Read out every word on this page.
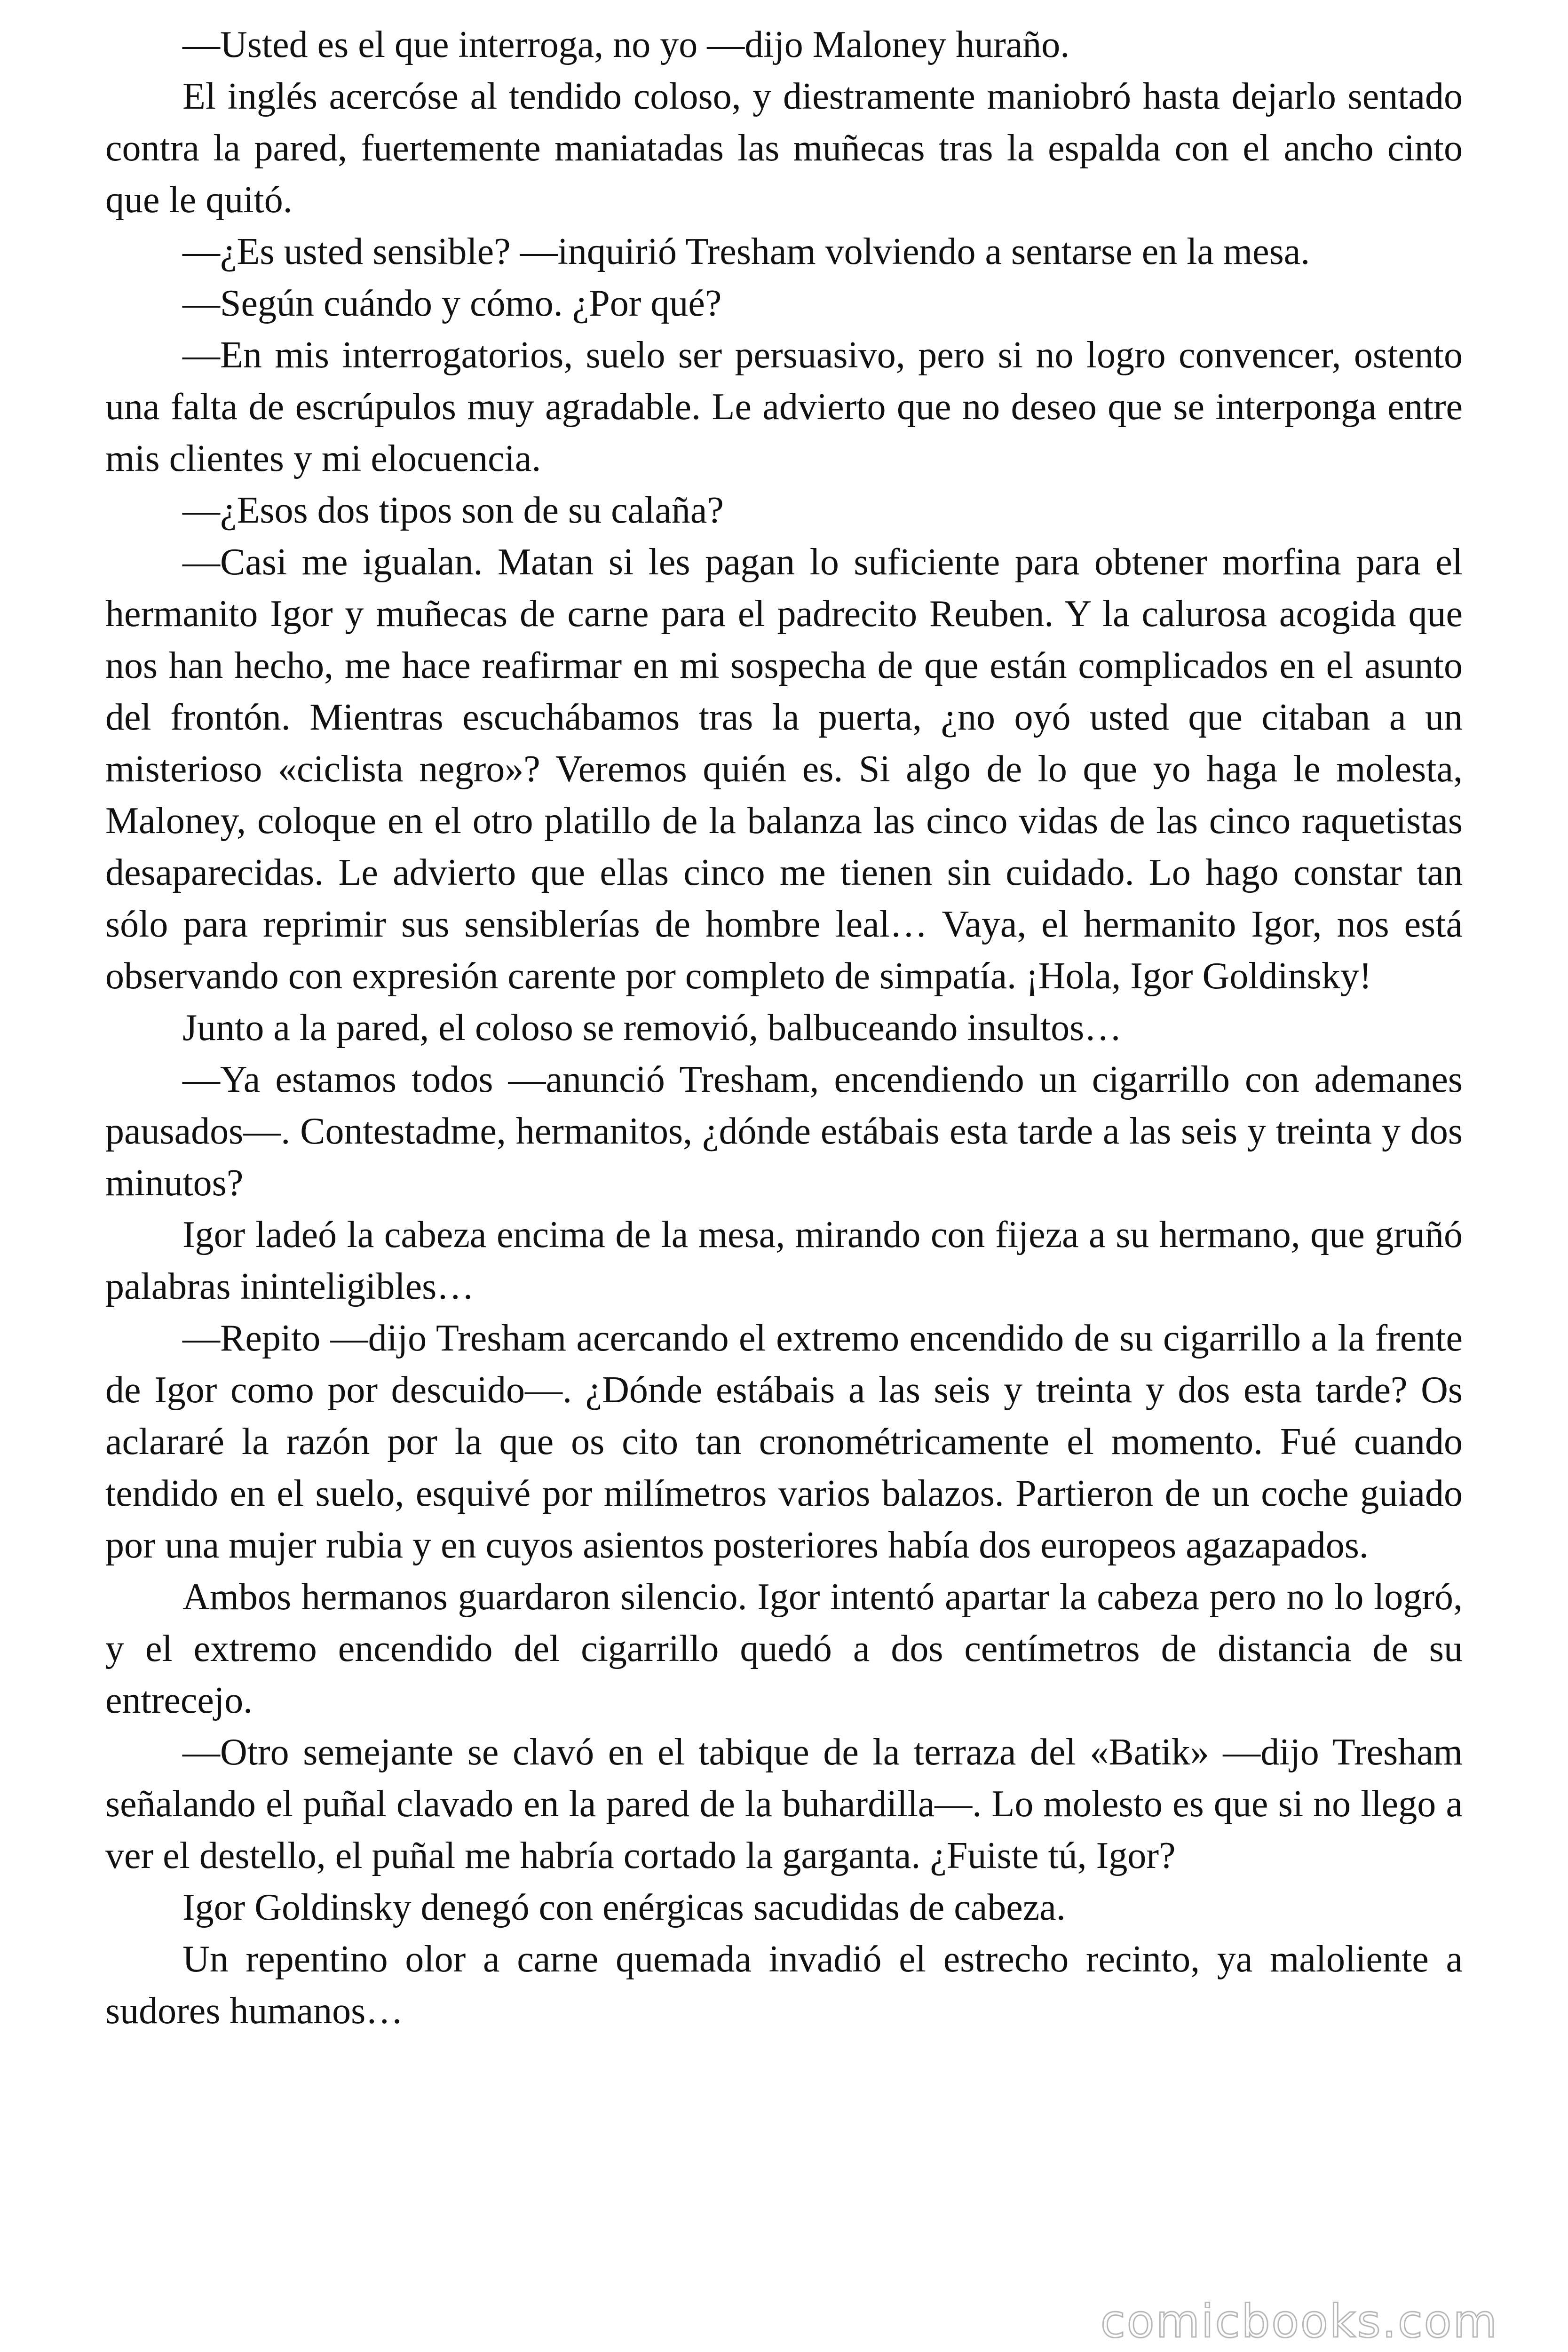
—Usted es el que interroga, no yo —dijo Maloney huraño.

El inglés acercóse al tendido coloso, y diestramente maniobró hasta dejarlo sentado contra la pared, fuertemente maniatadas las muñecas tras la espalda con el ancho cinto que le quitó.

—¿Es usted sensible? —inquirió Tresham volviendo a sentarse en la mesa.

—Según cuándo y cómo. ¿Por qué?

—En mis interrogatorios, suelo ser persuasivo, pero si no logro convencer, ostento una falta de escrúpulos muy agradable. Le advierto que no deseo que se interponga entre mis clientes y mi elocuencia.

—¿Esos dos tipos son de su calaña?

—Casi me igualan. Matan si les pagan lo suficiente para obtener morfina para el hermanito Igor y muñecas de carne para el padrecito Reuben. Y la calurosa acogida que nos han hecho, me hace reafirmar en mi sospecha de que están complicados en el asunto del frontón. Mientras escuchábamos tras la puerta, ¿no oyó usted que citaban a un misterioso «ciclista negro»? Veremos quién es. Si algo de lo que yo haga le molesta, Maloney, coloque en el otro platillo de la balanza las cinco vidas de las cinco raquetistas desaparecidas. Le advierto que ellas cinco me tienen sin cuidado. Lo hago constar tan sólo para reprimir sus sensiblerías de hombre leal… Vaya, el hermanito Igor, nos está observando con expresión carente por completo de simpatía. ¡Hola, Igor Goldinsky!

Junto a la pared, el coloso se removió, balbuceando insultos…

—Ya estamos todos —anunció Tresham, encendiendo un cigarrillo con ademanes pausados—. Contestadme, hermanitos, ¿dónde estábais esta tarde a las seis y treinta y dos minutos?

Igor ladeó la cabeza encima de la mesa, mirando con fijeza a su hermano, que gruñó palabras ininteligibles…

—Repito —dijo Tresham acercando el extremo encendido de su cigarrillo a la frente de Igor como por descuido—. ¿Dónde estábais a las seis y treinta y dos esta tarde? Os aclararé la razón por la que os cito tan cronométricamente el momento. Fué cuando tendido en el suelo, esquivé por milímetros varios balazos. Partieron de un coche guiado por una mujer rubia y en cuyos asientos posteriores había dos europeos agazapados.

Ambos hermanos guardaron silencio. Igor intentó apartar la cabeza pero no lo logró, y el extremo encendido del cigarrillo quedó a dos centímetros de distancia de su entrecejo.

—Otro semejante se clavó en el tabique de la terraza del «Batik» —dijo Tresham señalando el puñal clavado en la pared de la buhardilla—. Lo molesto es que si no llego a ver el destello, el puñal me habría cortado la garganta. ¿Fuiste tú, Igor?

Igor Goldinsky denegó con enérgicas sacudidas de cabeza.

Un repentino olor a carne quemada invadió el estrecho recinto, ya maloliente a sudores humanos…

comicbooks.com
